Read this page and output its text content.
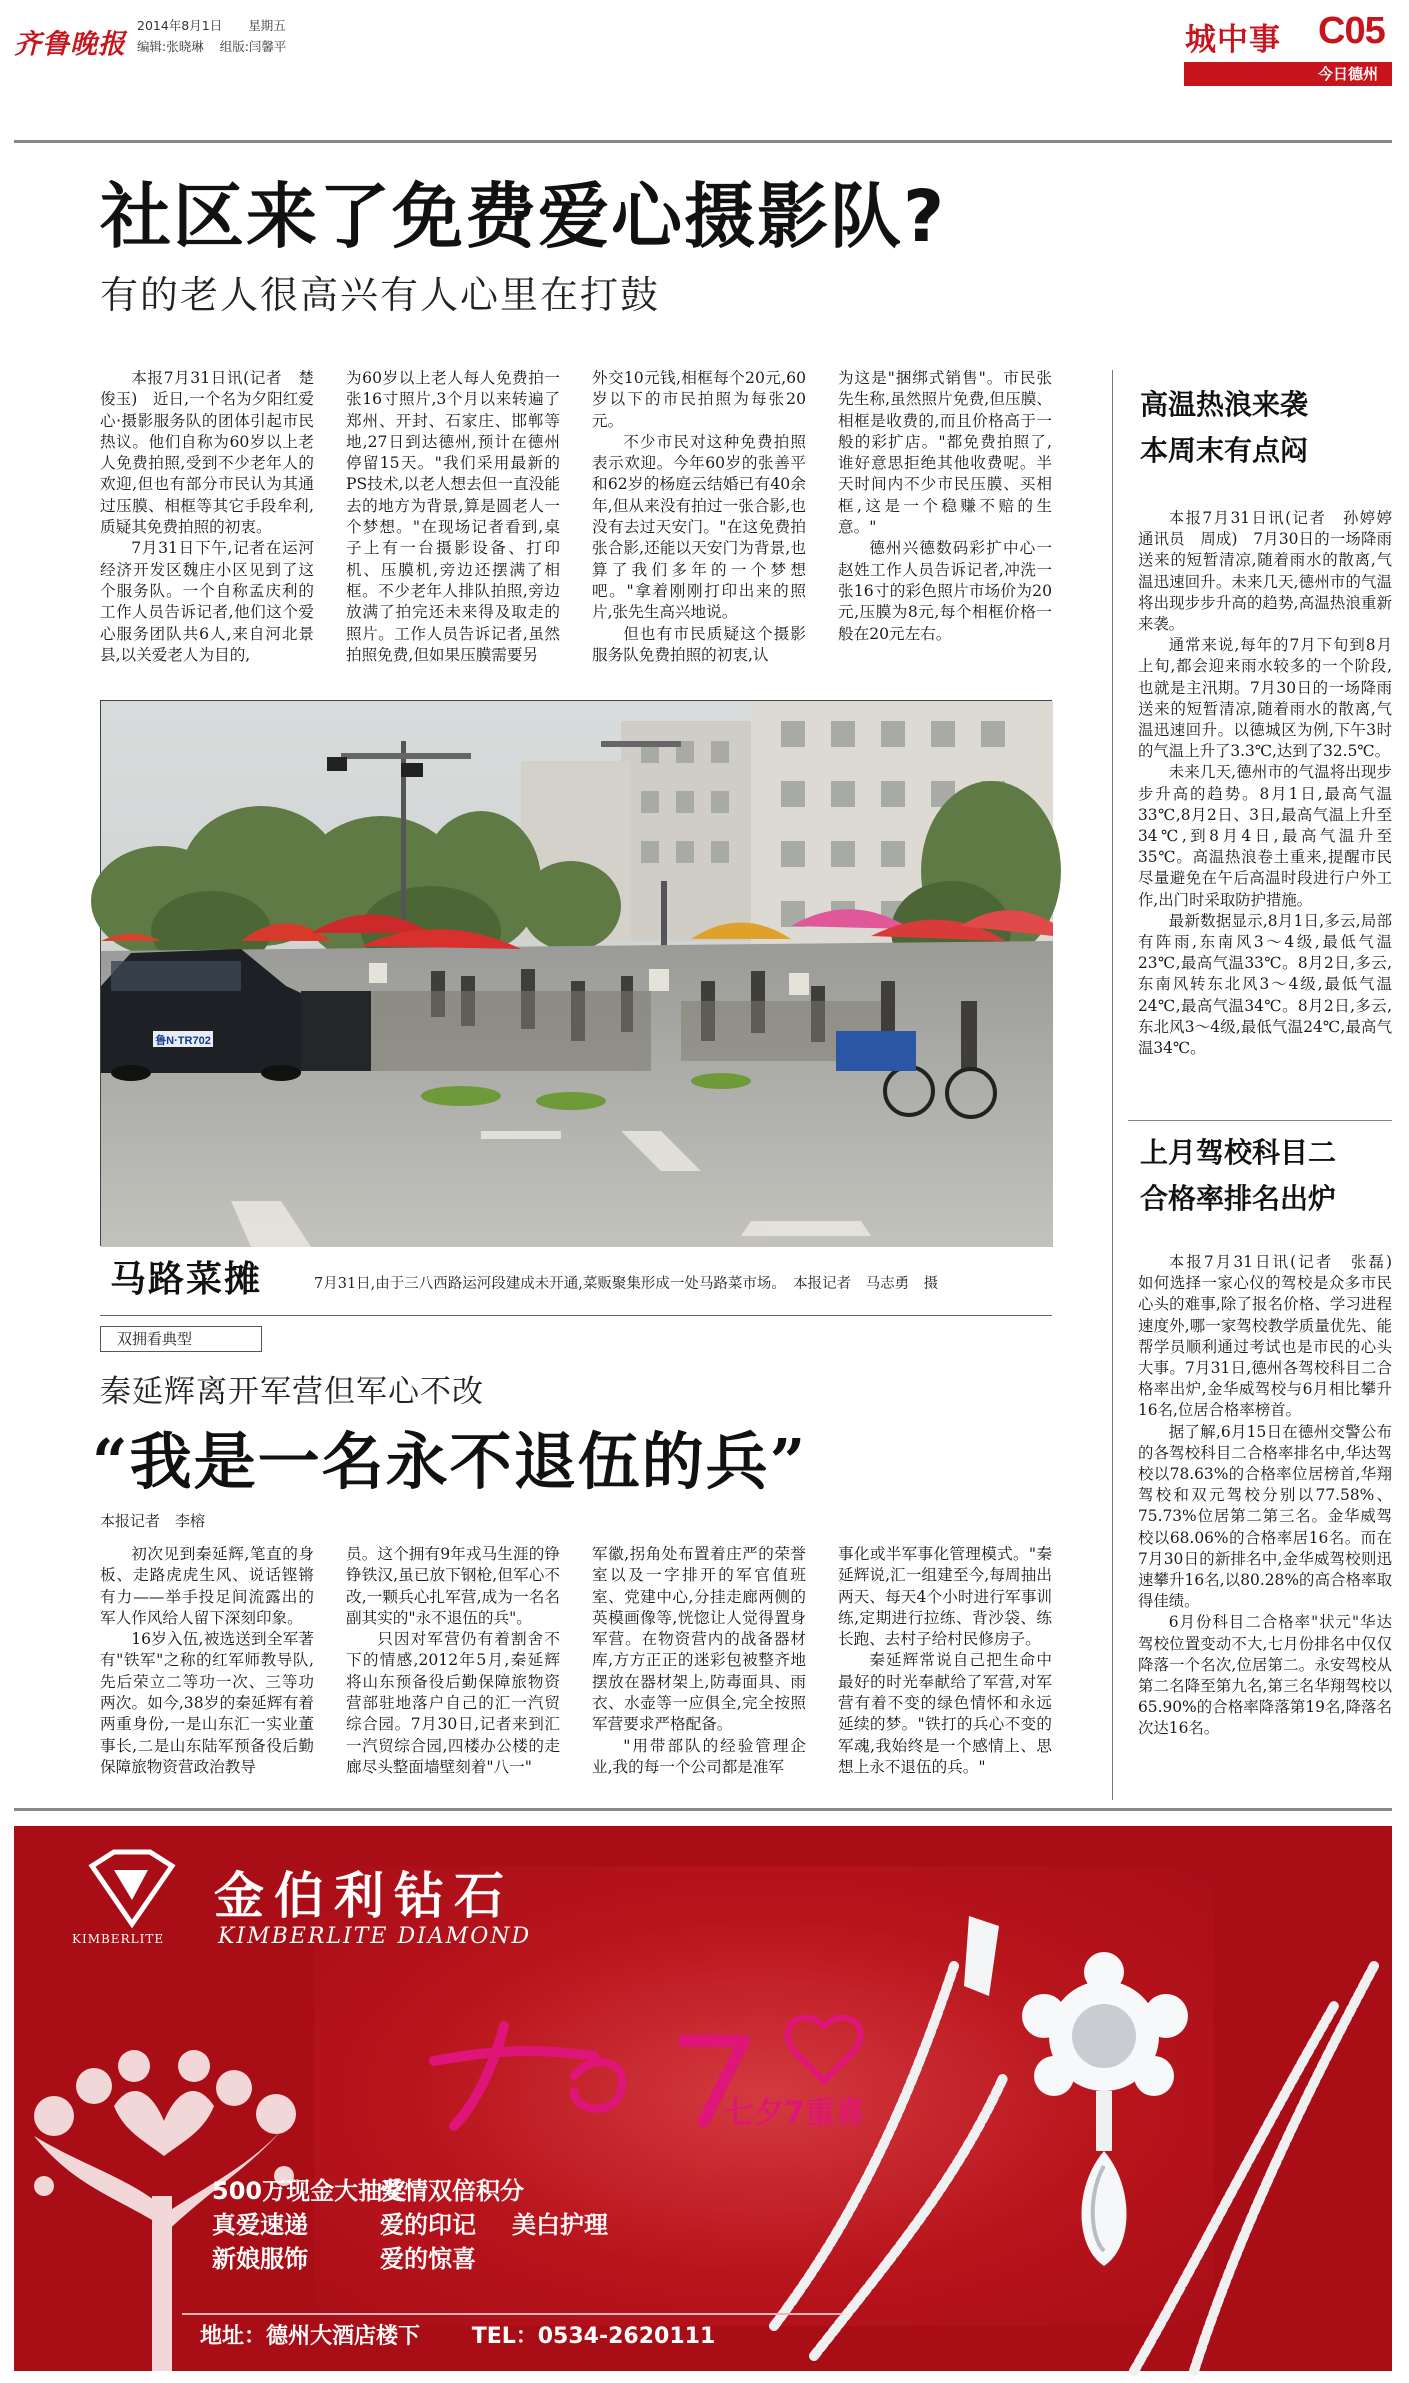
齐鲁晚报
2014年8月1日 星期五
编辑:张晓琳 组版:闫馨平	城中事 C05
今日德州
社区来了免费爱心摄影队?
有的老人很高兴有人心里在打鼓

本报7月31日讯(记者　楚俊玉)　近日,一个名为夕阳红爱心·摄影服务队的团体引起市民热议。他们自称为60岁以上老人免费拍照,受到不少老年人的欢迎,但也有部分市民认为其通过压膜、相框等其它手段牟利,质疑其免费拍照的初衷。

7月31日下午,记者在运河经济开发区魏庄小区见到了这个服务队。一个自称孟庆利的工作人员告诉记者,他们这个爱心服务团队共6人,来自河北景县,以关爱老人为目的,

为60岁以上老人每人免费拍一张16寸照片,3个月以来转遍了郑州、开封、石家庄、邯郸等地,27日到达德州,预计在德州停留15天。"我们采用最新的PS技术,以老人想去但一直没能去的地方为背景,算是圆老人一个梦想。"在现场记者看到,桌子上有一台摄影设备、打印机、压膜机,旁边还摆满了相框。不少老年人排队拍照,旁边放满了拍完还未来得及取走的照片。工作人员告诉记者,虽然拍照免费,但如果压膜需要另

外交10元钱,相框每个20元,60岁以下的市民拍照为每张20元。

不少市民对这种免费拍照表示欢迎。今年60岁的张善平和62岁的杨庭云结婚已有40余年,但从来没有拍过一张合影,也没有去过天安门。"在这免费拍张合影,还能以天安门为背景,也算了我们多年的一个梦想吧。"拿着刚刚打印出来的照片,张先生高兴地说。

但也有市民质疑这个摄影服务队免费拍照的初衷,认

为这是"捆绑式销售"。市民张先生称,虽然照片免费,但压膜、相框是收费的,而且价格高于一般的彩扩店。"都免费拍照了,谁好意思拒绝其他收费呢。半天时间内不少市民压膜、买相框,这是一个稳赚不赔的生意。"

德州兴德数码彩扩中心一赵姓工作人员告诉记者,冲洗一张16寸的彩色照片市场价为20元,压膜为8元,每个相框价格一般在20元左右。

鲁N·TR702
马路菜摊	7月31日,由于三八西路运河段建成未开通,菜贩聚集形成一处马路菜市场。　本报记者　马志勇　摄
双拥看典型
秦延辉离开军营但军心不改
“我是一名永不退伍的兵”
本报记者　李榕

初次见到秦延辉,笔直的身板、走路虎虎生风、说话铿锵有力——举手投足间流露出的军人作风给人留下深刻印象。

16岁入伍,被选送到全军著有"铁军"之称的红军师教导队,先后荣立二等功一次、三等功两次。如今,38岁的秦延辉有着两重身份,一是山东汇一实业董事长,二是山东陆军预备役后勤保障旅物资营政治教导

员。这个拥有9年戎马生涯的铮铮铁汉,虽已放下钢枪,但军心不改,一颗兵心扎军营,成为一名名副其实的"永不退伍的兵"。

只因对军营仍有着割舍不下的情感,2012年5月,秦延辉将山东预备役后勤保障旅物资营部驻地落户自己的汇一汽贸综合园。7月30日,记者来到汇一汽贸综合园,四楼办公楼的走廊尽头整面墙壁刻着"八一"

军徽,拐角处布置着庄严的荣誉室以及一字排开的军官值班室、党建中心,分挂走廊两侧的英模画像等,恍惚让人觉得置身军营。在物资营内的战备器材库,方方正正的迷彩包被整齐地摆放在器材架上,防毒面具、雨衣、水壶等一应俱全,完全按照军营要求严格配备。

"用带部队的经验管理企业,我的每一个公司都是准军

事化或半军事化管理模式。"秦延辉说,汇一组建至今,每周抽出两天、每天4个小时进行军事训练,定期进行拉练、背沙袋、练长跑、去村子给村民修房子。

秦延辉常说自己把生命中最好的时光奉献给了军营,对军营有着不变的绿色情怀和永远延续的梦。"铁打的兵心不变的军魂,我始终是一个感情上、思想上永不退伍的兵。"

高温热浪来袭
本周末有点闷

本报7月31日讯(记者　孙婷婷　通讯员　周成)　7月30日的一场降雨送来的短暂清凉,随着雨水的散离,气温迅速回升。未来几天,德州市的气温将出现步步升高的趋势,高温热浪重新来袭。

通常来说,每年的7月下旬到8月上旬,都会迎来雨水较多的一个阶段,也就是主汛期。7月30日的一场降雨送来的短暂清凉,随着雨水的散离,气温迅速回升。以德城区为例,下午3时的气温上升了3.3℃,达到了32.5℃。

未来几天,德州市的气温将出现步步升高的趋势。8月1日,最高气温33℃,8月2日、3日,最高气温上升至34℃,到8月4日,最高气温升至35℃。高温热浪卷土重来,提醒市民尽量避免在午后高温时段进行户外工作,出门时采取防护措施。

最新数据显示,8月1日,多云,局部有阵雨,东南风3～4级,最低气温23℃,最高气温33℃。8月2日,多云,东南风转东北风3～4级,最低气温24℃,最高气温34℃。8月2日,多云,东北风3～4级,最低气温24℃,最高气温34℃。

上月驾校科目二
合格率排名出炉

本报7月31日讯(记者　张磊)　如何选择一家心仪的驾校是众多市民心头的难事,除了报名价格、学习进程速度外,哪一家驾校教学质量优先、能帮学员顺利通过考试也是市民的心头大事。7月31日,德州各驾校科目二合格率出炉,金华威驾校与6月相比攀升16名,位居合格率榜首。

据了解,6月15日在德州交警公布的各驾校科目二合格率排名中,华达驾校以78.63%的合格率位居榜首,华翔驾校和双元驾校分别以77.58%、75.73%位居第二第三名。金华威驾校以68.06%的合格率居16名。而在7月30日的新排名中,金华威驾校则迅速攀升16名,以80.28%的高合格率取得佳绩。

6月份科目二合格率"状元"华达驾校位置变动不大,七月份排名中仅仅降落一个名次,位居第二。永安驾校从第二名降至第九名,第三名华翔驾校以65.90%的合格率降落第19名,降落名次达16名。

KIMBERLITE
金伯利钻石
KIMBERLITE DIAMOND
七夕7重喜
500万现金大抽奖
爱情双倍积分
真爱速递	爱的印记 美白护理
新娘服饰	爱的惊喜
地址：德州大酒店楼下 TEL：0534-2620111
